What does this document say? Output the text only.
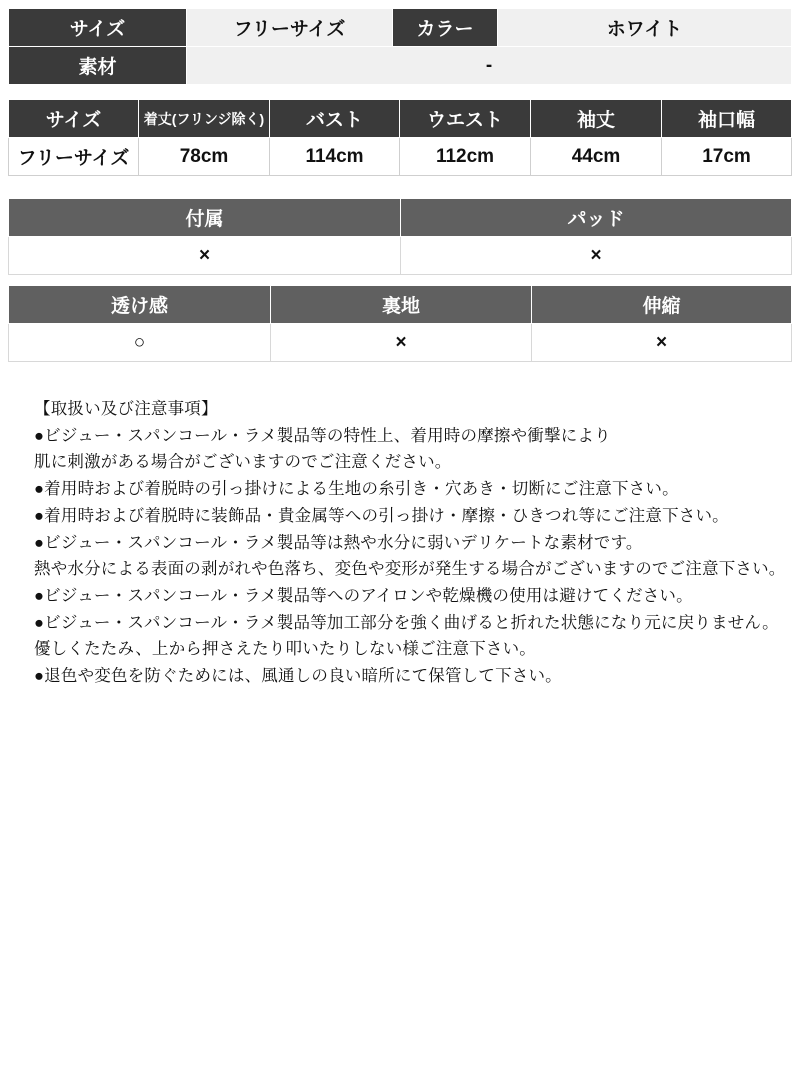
サイズ	フリーサイズ	カラー	ホワイト
素材	-		
サイズ	着丈(フリンジ除く)	バスト	ウエスト	袖丈	袖口幅
フリーサイズ	78cm	114cm	112cm	44cm	17cm
付属	パッド
×	×
透け感	裏地	伸縮
○	×	×

【取扱い及び注意事項】

●ビジュー・スパンコール・ラメ製品等の特性上、着用時の摩擦や衝撃により

肌に刺激がある場合がございますのでご注意ください。

●着用時および着脱時の引っ掛けによる生地の糸引き・穴あき・切断にご注意下さい。

●着用時および着脱時に装飾品・貴金属等への引っ掛け・摩擦・ひきつれ等にご注意下さい。

●ビジュー・スパンコール・ラメ製品等は熱や水分に弱いデリケートな素材です。

熱や水分による表面の剥がれや色落ち、変色や変形が発生する場合がございますのでご注意下さい。

●ビジュー・スパンコール・ラメ製品等へのアイロンや乾燥機の使用は避けてください。

●ビジュー・スパンコール・ラメ製品等加工部分を強く曲げると折れた状態になり元に戻りません。

優しくたたみ、上から押さえたり叩いたりしない様ご注意下さい。

●退色や変色を防ぐためには、風通しの良い暗所にて保管して下さい。
